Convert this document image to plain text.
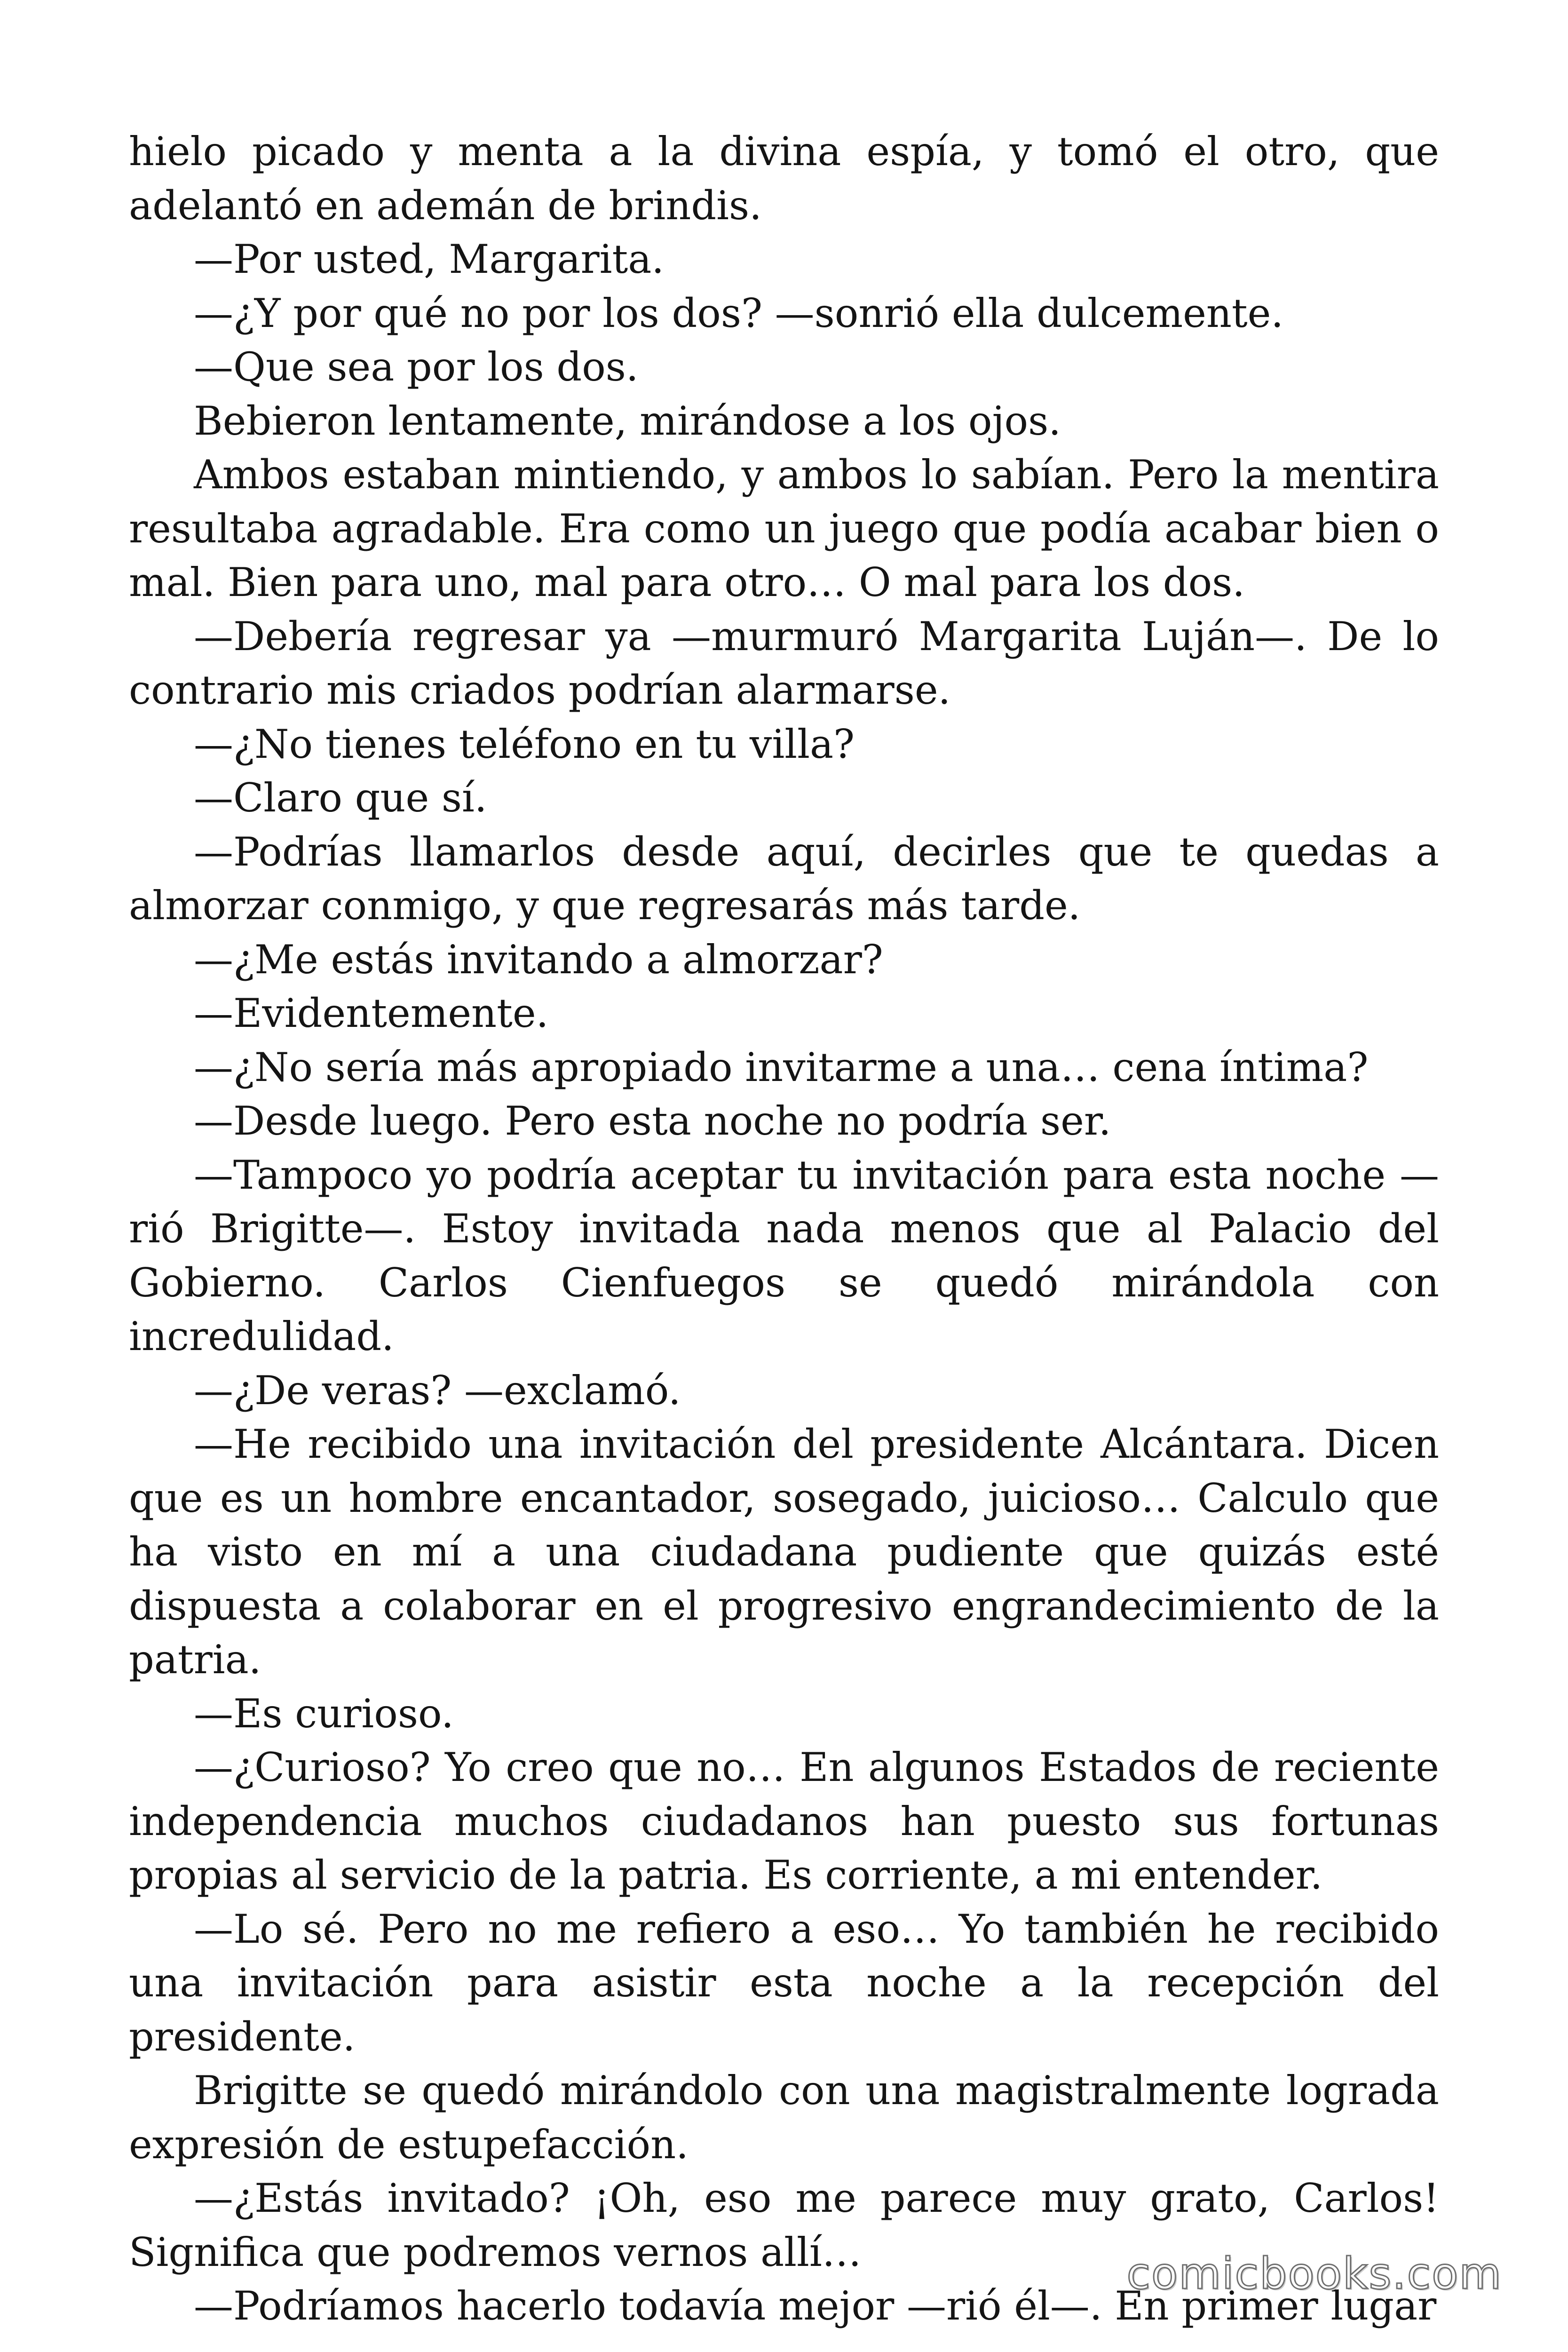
hielo picado y menta a la divina espía, y tomó el otro, que adelantó en ademán de brindis.

—Por usted, Margarita.

—¿Y por qué no por los dos? —sonrió ella dulcemente.

—Que sea por los dos.

Bebieron lentamente, mirándose a los ojos.

Ambos estaban mintiendo, y ambos lo sabían. Pero la mentira resultaba agradable. Era como un juego que podía acabar bien o mal. Bien para uno, mal para otro… O mal para los dos.

—Debería regresar ya —murmuró Margarita Luján—. De lo contrario mis criados podrían alarmarse.

—¿No tienes teléfono en tu villa?

—Claro que sí.

—Podrías llamarlos desde aquí, decirles que te quedas a almorzar conmigo, y que regresarás más tarde.

—¿Me estás invitando a almorzar?

—Evidentemente.

—¿No sería más apropiado invitarme a una… cena íntima?

—Desde luego. Pero esta noche no podría ser.

—Tampoco yo podría aceptar tu invitación para esta noche —rió Brigitte—. Estoy invitada nada menos que al Palacio del Gobierno. Carlos Cienfuegos se quedó mirándola con incredulidad.

—¿De veras? —exclamó.

—He recibido una invitación del presidente Alcántara. Dicen que es un hombre encantador, sosegado, juicioso… Calculo que ha visto en mí a una ciudadana pudiente que quizás esté dispuesta a colaborar en el progresivo engrandecimiento de la patria.

—Es curioso.

—¿Curioso? Yo creo que no… En algunos Estados de reciente independencia muchos ciudadanos han puesto sus fortunas propias al servicio de la patria. Es corriente, a mi entender.

—Lo sé. Pero no me refiero a eso… Yo también he recibido una invitación para asistir esta noche a la recepción del presidente.

Brigitte se quedó mirándolo con una magistralmente lograda expresión de estupefacción.

—¿Estás invitado? ¡Oh, eso me parece muy grato, Carlos! Significa que podremos vernos allí…

—Podríamos hacerlo todavía mejor —rió él—. En primer lugar

comicbooks.com
